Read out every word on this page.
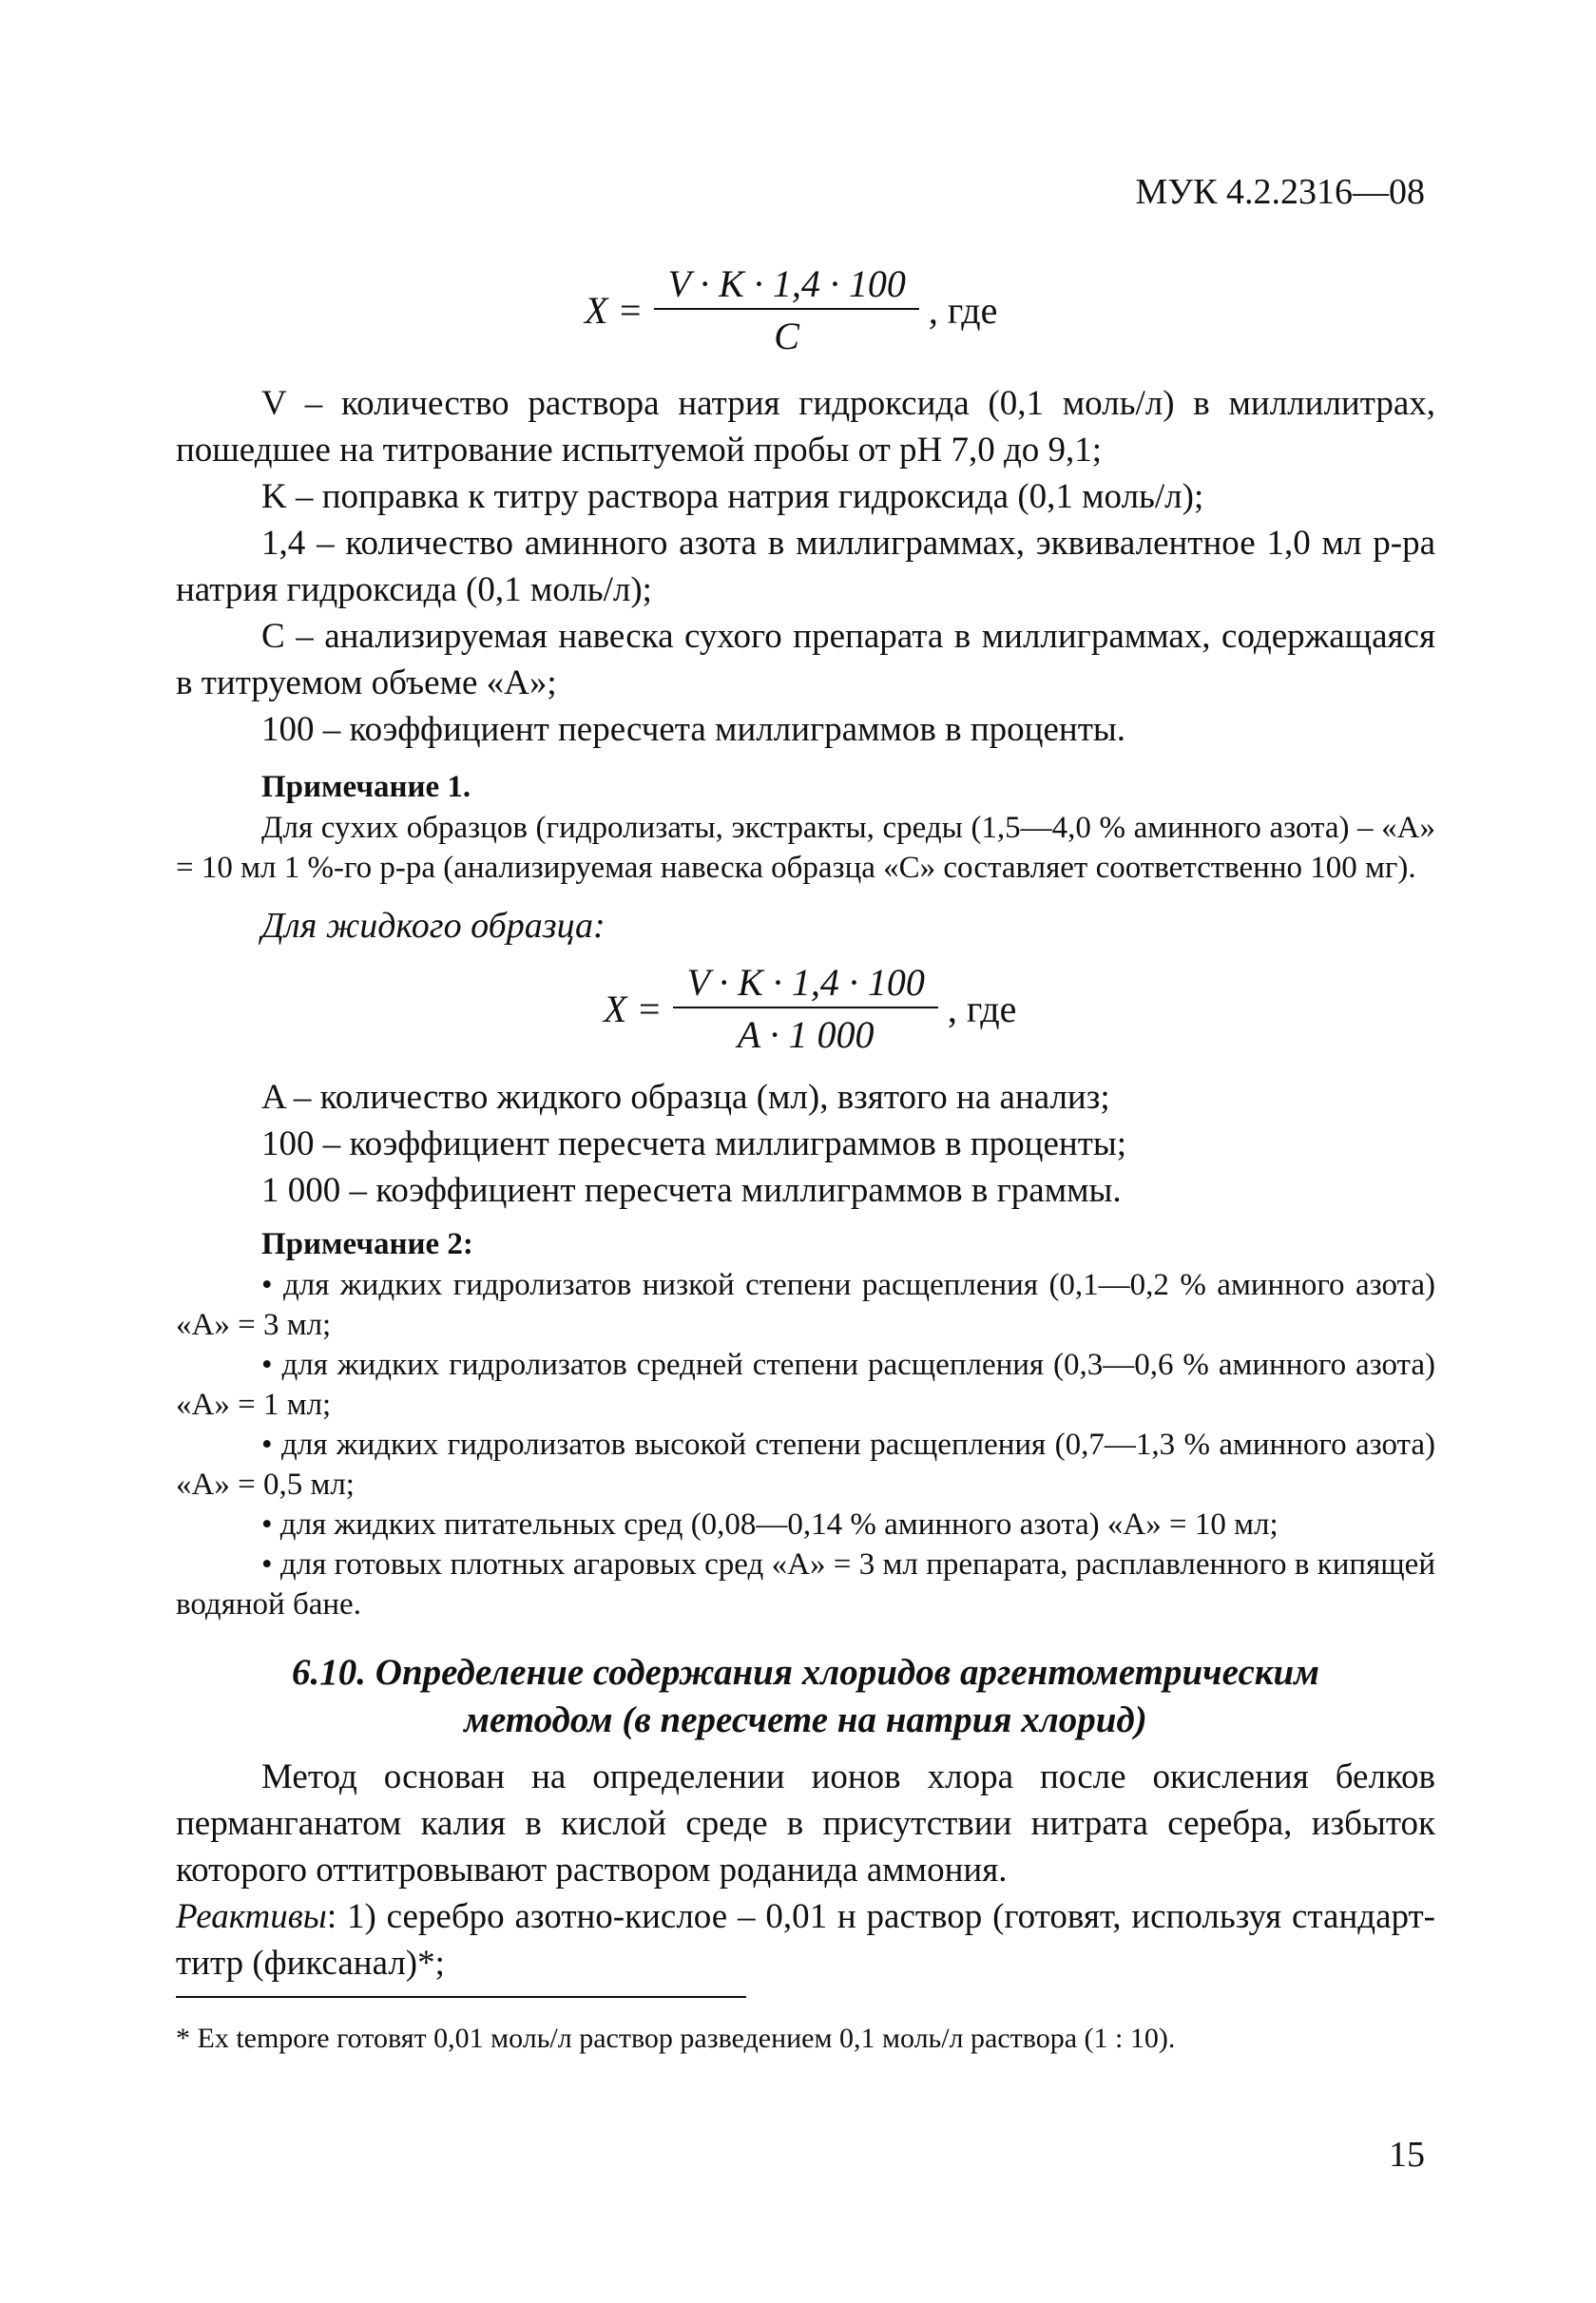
МУК 4.2.2316—08
$X = \frac{V \cdot K \cdot 1,4 \cdot 100}{C}$ , где

V – количество раствора натрия гидроксида (0,1 моль/л) в миллилитрах, пошедшее на титрование испытуемой пробы от pH 7,0 до 9,1;

K – поправка к титру раствора натрия гидроксида (0,1 моль/л);

1,4 – количество аминного азота в миллиграммах, эквивалентное 1,0 мл р-ра натрия гидроксида (0,1 моль/л);

C – анализируемая навеска сухого препарата в миллиграммах, содержащаяся в титруемом объеме «A»;

100 – коэффициент пересчета миллиграммов в проценты.

Примечание 1.

Для сухих образцов (гидролизаты, экстракты, среды (1,5—4,0 % аминного азота) – «A» = 10 мл 1 %-го р-ра (анализируемая навеска образца «C» составляет соответственно 100 мг).

Для жидкого образца:

$X = \frac{V \cdot K \cdot 1,4 \cdot 100}{A \cdot 1 000}$ , где

A – количество жидкого образца (мл), взятого на анализ;

100 – коэффициент пересчета миллиграммов в проценты;

1 000 – коэффициент пересчета миллиграммов в граммы.

Примечание 2:

• для жидких гидролизатов низкой степени расщепления (0,1—0,2 % аминного азота) «A» = 3 мл;

• для жидких гидролизатов средней степени расщепления (0,3—0,6 % аминного азота) «A» = 1 мл;

• для жидких гидролизатов высокой степени расщепления (0,7—1,3 % аминного азота) «A» = 0,5 мл;

• для жидких питательных сред (0,08—0,14 % аминного азота) «A» = 10 мл;

• для готовых плотных агаровых сред «A» = 3 мл препарата, расплавленного в кипящей водяной бане.

6.10. Определение содержания хлоридов аргентометрическим

методом (в пересчете на натрия хлорид)

Метод основан на определении ионов хлора после окисления белков перманганатом калия в кислой среде в присутствии нитрата серебра, избыток которого оттитровывают раствором роданида аммония.

Реактивы: 1) серебро азотно-кислое – 0,01 н раствор (готовят, используя стандарт-титр (фиксанал)*;

* Ex tempore готовят 0,01 моль/л раствор разведением 0,1 моль/л раствора (1 : 10).
15
